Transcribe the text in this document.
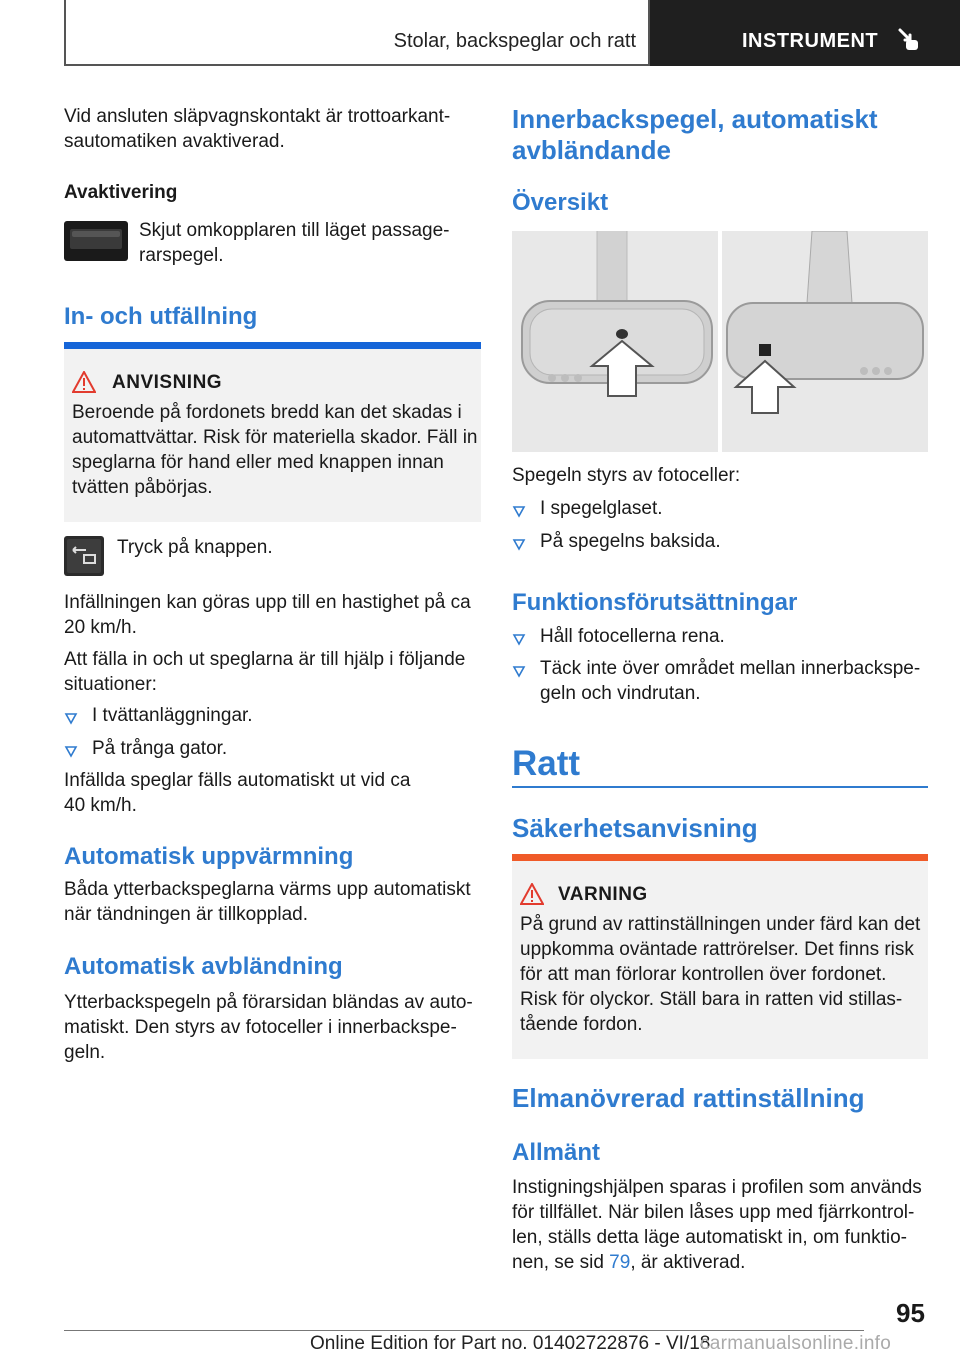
Stolar, backspeglar och ratt	INSTRUMENT
Vid ansluten släpvagnskontakt är trottoarkant-
sautomatiken avaktiverad.
Avaktivering
Skjut omkopplaren till läget passage-
rarspegel.
In- och utfällning
ANVISNING
Beroende på fordonets bredd kan det skadas i
automattvättar. Risk för materiella skador. Fäll in
speglarna för hand eller med knappen innan
tvätten påbörjas.
Tryck på knappen.
Infällningen kan göras upp till en hastighet på ca
20 km/h.
Att fälla in och ut speglarna är till hjälp i följande
situationer:
I tvättanläggningar.
På trånga gator.
Infällda speglar fälls automatiskt ut vid ca
40 km/h.
Automatisk uppvärmning
Båda ytterbackspeglarna värms upp automatiskt
när tändningen är tillkopplad.
Automatisk avbländning
Ytterbackspegeln på förarsidan bländas av auto-
matiskt. Den styrs av fotoceller i innerbackspe-
geln.
Innerbackspegel, automatiskt
avbländande
Översikt
Spegeln styrs av fotoceller:
I spegelglaset.
På spegelns baksida.
Funktionsförutsättningar
Håll fotocellerna rena.
Täck inte över området mellan innerbackspe-
geln och vindrutan.
Ratt
Säkerhetsanvisning
VARNING
På grund av rattinställningen under färd kan det
uppkomma oväntade rattrörelser. Det finns risk
för att man förlorar kontrollen över fordonet.
Risk för olyckor. Ställ bara in ratten vid stillas-
tående fordon.
Elmanövrerad rattinställning
Allmänt
Instigningshjälpen sparas i profilen som används
för tillfället. När bilen låses upp med fjärrkontrol-
len, ställs detta läge automatiskt in, om funktio-
nen, se sid 79, är aktiverad.
95
Online Edition for Part no. 01402722876 - VI/18
carmanualsonline.info
